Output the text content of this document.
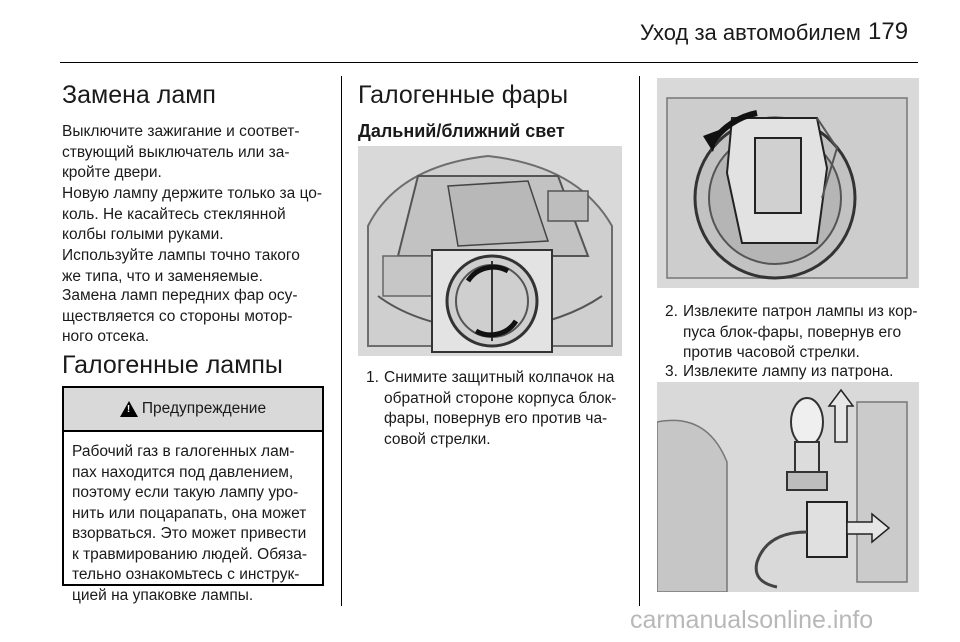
Уход за автомобилем 179
Замена ламп
Выключите зажигание и соответ-
ствующий выключатель или за-
кройте двери.
Новую лампу держите только за цо-
коль. Не касайтесь стеклянной
колбы голыми руками.
Используйте лампы точно такого
же типа, что и заменяемые.
Замена ламп передних фар осу-
ществляется со стороны мотор-
ного отсека.
Галогенные лампы
!
Предупреждение
Рабочий газ в галогенных лам-
пах находится под давлением,
поэтому если такую лампу уро-
нить или поцарапать, она может
взорваться. Это может привести
к травмированию людей. Обяза-
тельно ознакомьтесь с инструк-
цией на упаковке лампы.
Галогенные фары
Дальний/ближний свет
1. Снимите защитный колпачок на
обратной стороне корпуса блок-
фары, повернув его против ча-
совой стрелки.
2. Извлеките патрон лампы из кор-
пуса блок-фары, повернув его
против часовой стрелки.
3. Извлеките лампу из патрона.
carmanualsonline.info
